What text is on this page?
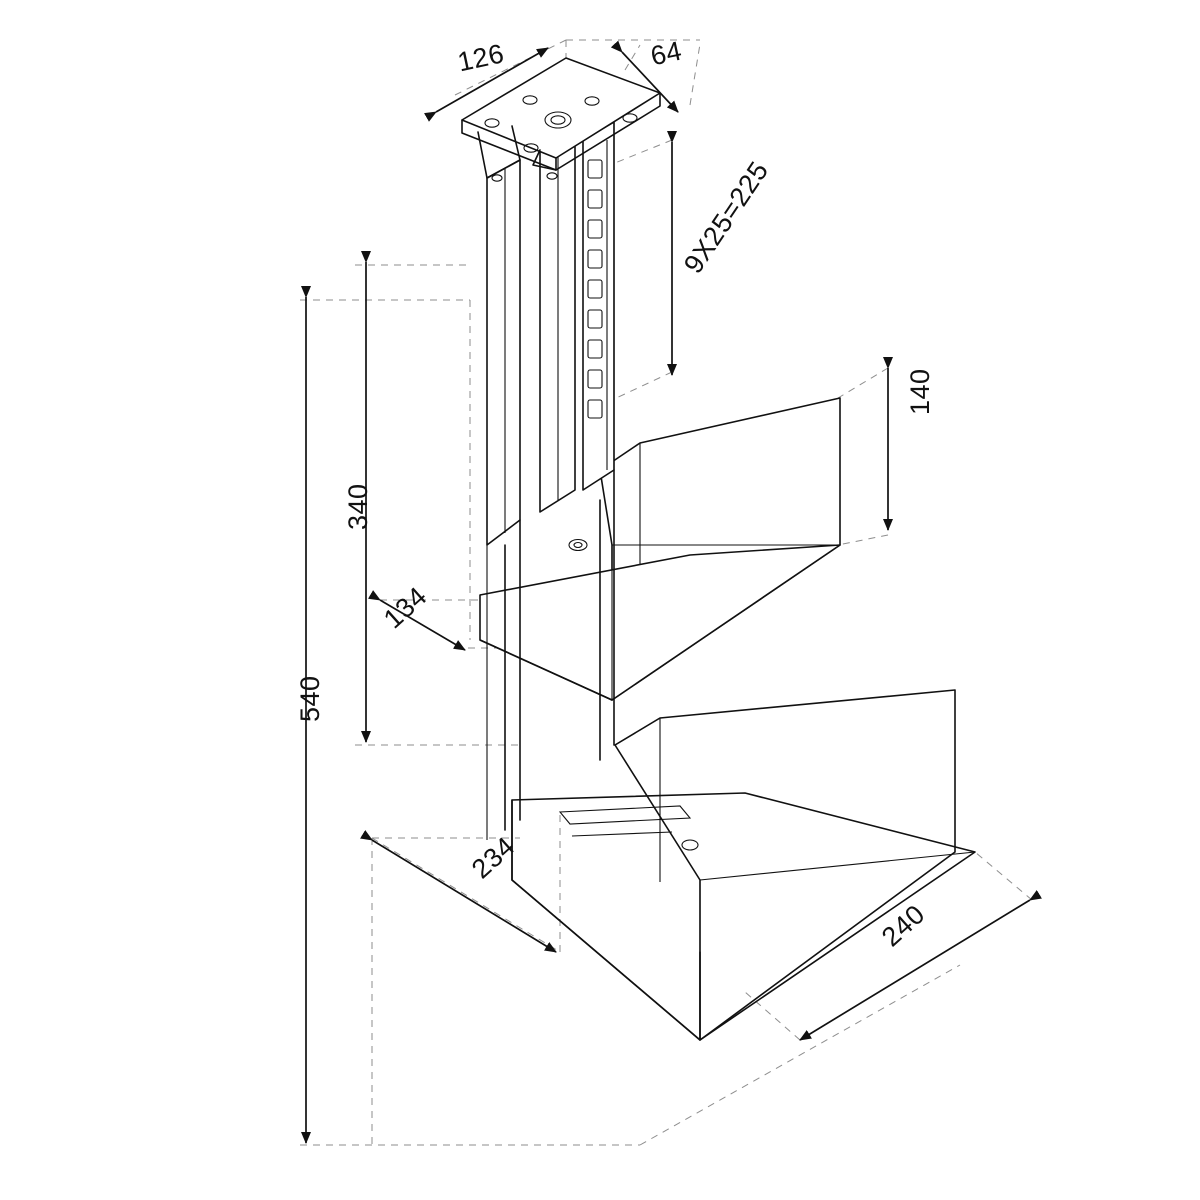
126	64
9X25=225
140
340
134
540
234
240
